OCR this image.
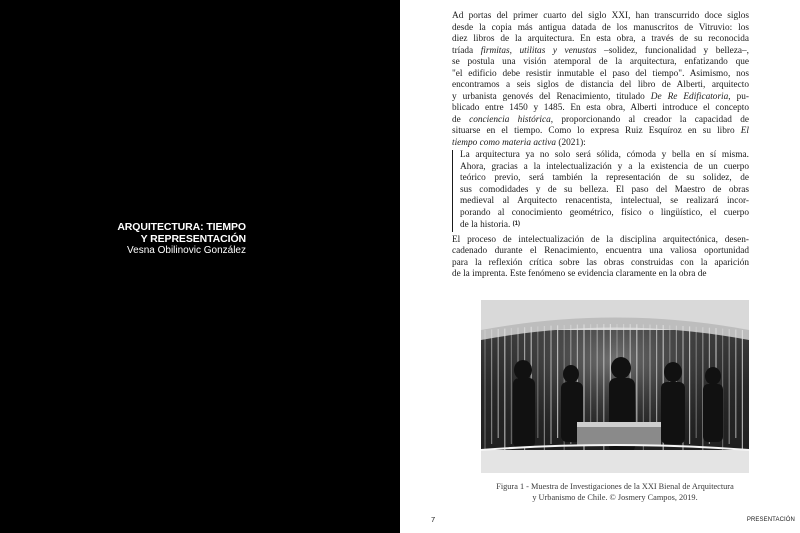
ARQUITECTURA: TIEMPO
Y REPRESENTACIÓN
Vesna Obilinovic González
Ad portas del primer cuarto del siglo XXI, han transcurrido doce siglos
desde la copia más antigua datada de los manuscritos de Vitruvio: los
diez libros de la arquitectura. En esta obra, a través de su reconocida
tríada firmitas, utilitas y venustas –solidez, funcionalidad y belleza–,
se postula una visión atemporal de la arquitectura, enfatizando que
"el edificio debe resistir inmutable el paso del tiempo". Asimismo, nos
encontramos a seis siglos de distancia del libro de Alberti, arquitecto
y urbanista genovés del Renacimiento, titulado De Re Edificatoria, pu-
blicado entre 1450 y 1485. En esta obra, Alberti introduce el concepto
de conciencia histórica, proporcionando al creador la capacidad de
situarse en el tiempo. Como lo expresa Ruiz Esquíroz en su libro El
tiempo como materia activa (2021):
La arquitectura ya no solo será sólida, cómoda y bella en sí misma.
Ahora, gracias a la intelectualización y a la existencia de un cuerpo
teórico previo, será también la representación de su solidez, de
sus comodidades y de su belleza. El paso del Maestro de obras
medieval al Arquitecto renacentista, intelectual, se realizará incor-
porando al conocimiento geométrico, físico o lingüístico, el cuerpo
de la historia. $^{(1)}$
El proceso de intelectualización de la disciplina arquitectónica, desen-
cadenado durante el Renacimiento, encuentra una valiosa oportunidad
para la reflexión crítica sobre las obras construidas con la aparición
de la imprenta. Este fenómeno se evidencia claramente en la obra de
Figura 1 - Muestra de Investigaciones de la XXI Bienal de Arquitectura
y Urbanismo de Chile. © Josmery Campos, 2019.
7	PRESENTACIÓN
